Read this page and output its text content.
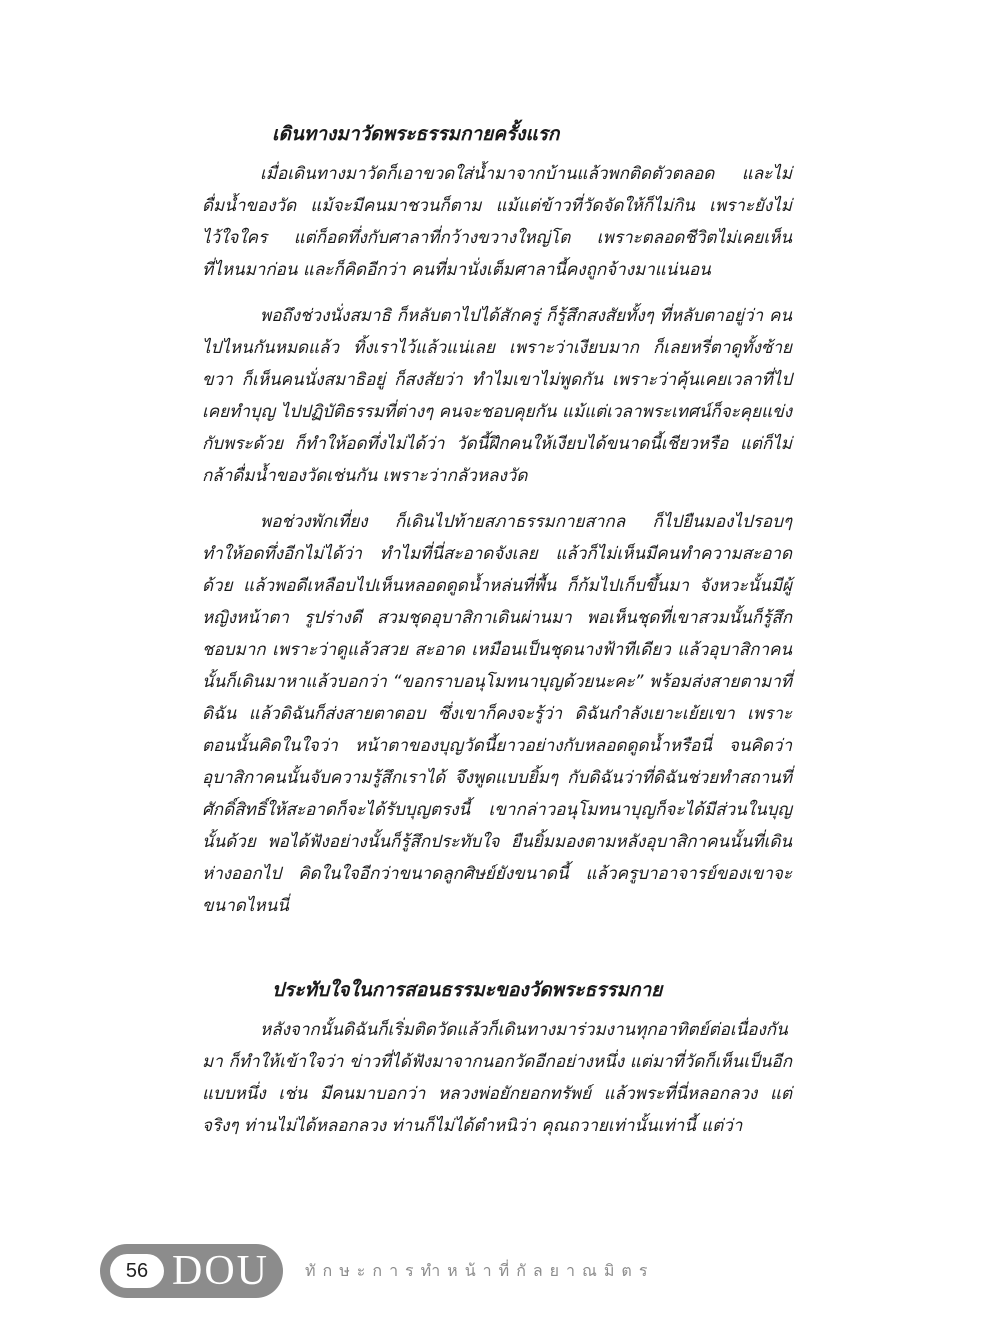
เดินทางมาวัดพระธรรมกายครั้งแรก

เมื่อเดินทางมาวัดก็เอาขวดใส่น้ำมาจากบ้านแล้วพกติดตัวตลอด และไม่ดื่มน้ำของวัด แม้จะมีคนมาชวนก็ตาม แม้แต่ข้าวที่วัดจัดให้ก็ไม่กิน เพราะยังไม่ไว้ใจใคร แต่ก็อดทึ่งกับศาลาที่กว้างขวางใหญ่โต เพราะตลอดชีวิตไม่เคยเห็นที่ไหนมาก่อน และก็คิดอีกว่า คนที่มานั่งเต็มศาลานี้คงถูกจ้างมาแน่นอน

พอถึงช่วงนั่งสมาธิ ก็หลับตาไปได้สักครู่ ก็รู้สึกสงสัยทั้งๆ ที่หลับตาอยู่ว่า คนไปไหนกันหมดแล้ว ทิ้งเราไว้แล้วแน่เลย เพราะว่าเงียบมาก ก็เลยหรี่ตาดูทั้งซ้ายขวา ก็เห็นคนนั่งสมาธิอยู่ ก็สงสัยว่า ทำไมเขาไม่พูดกัน เพราะว่าคุ้นเคยเวลาที่ไปเคยทำบุญ ไปปฏิบัติธรรมที่ต่างๆ คนจะชอบคุยกัน แม้แต่เวลาพระเทศน์ก็จะคุยแข่งกับพระด้วย ก็ทำให้อดทึ่งไม่ได้ว่า วัดนี้ฝึกคนให้เงียบได้ขนาดนี้เชียวหรือ แต่ก็ไม่กล้าดื่มน้ำของวัดเช่นกัน เพราะว่ากลัวหลงวัด

พอช่วงพักเที่ยง ก็เดินไปท้ายสภาธรรมกายสากล ก็ไปยืนมองไปรอบๆ ทำให้อดทึ่งอีกไม่ได้ว่า ทำไมที่นี่สะอาดจังเลย แล้วก็ไม่เห็นมีคนทำความสะอาดด้วย แล้วพอดีเหลือบไปเห็นหลอดดูดน้ำหล่นที่พื้น ก็ก้มไปเก็บขึ้นมา จังหวะนั้นมีผู้หญิงหน้าตา รูปร่างดี สวมชุดอุบาสิกาเดินผ่านมา พอเห็นชุดที่เขาสวมนั้นก็รู้สึกชอบมาก เพราะว่าดูแล้วสวย สะอาด เหมือนเป็นชุดนางฟ้าทีเดียว แล้วอุบาสิกาคนนั้นก็เดินมาหาแล้วบอกว่า “ขอกราบอนุโมทนาบุญด้วยนะคะ” พร้อมส่งสายตามาที่ดิฉัน แล้วดิฉันก็ส่งสายตาตอบ ซึ่งเขาก็คงจะรู้ว่า ดิฉันกำลังเยาะเย้ยเขา เพราะตอนนั้นคิดในใจว่า หน้าตาของบุญวัดนี้ยาวอย่างกับหลอดดูดน้ำหรือนี่ จนคิดว่าอุบาสิกาคนนั้นจับความรู้สึกเราได้ จึงพูดแบบยิ้มๆ กับดิฉันว่าที่ดิฉันช่วยทำสถานที่ศักดิ์สิทธิ์ให้สะอาดก็จะได้รับบุญตรงนี้ เขากล่าวอนุโมทนาบุญก็จะได้มีส่วนในบุญนั้นด้วย พอได้ฟังอย่างนั้นก็รู้สึกประทับใจ ยืนยิ้มมองตามหลังอุบาสิกาคนนั้นที่เดินห่างออกไป คิดในใจอีกว่าขนาดลูกศิษย์ยังขนาดนี้ แล้วครูบาอาจารย์ของเขาจะขนาดไหนนี่

ประทับใจในการสอนธรรมะของวัดพระธรรมกาย

หลังจากนั้นดิฉันก็เริ่มติดวัดแล้วก็เดินทางมาร่วมงานทุกอาทิตย์ต่อเนื่องกันมา ก็ทำให้เข้าใจว่า ข่าวที่ได้ฟังมาจากนอกวัดอีกอย่างหนึ่ง แต่มาที่วัดก็เห็นเป็นอีกแบบหนึ่ง เช่น มีคนมาบอกว่า หลวงพ่อยักยอกทรัพย์ แล้วพระที่นี่หลอกลวง แต่จริงๆ ท่านไม่ได้หลอกลวง ท่านก็ไม่ได้ตำหนิว่า คุณถวายเท่านั้นเท่านี้ แต่ว่า

56 DOU ทักษะการทำหน้าที่กัลยาณมิตร
